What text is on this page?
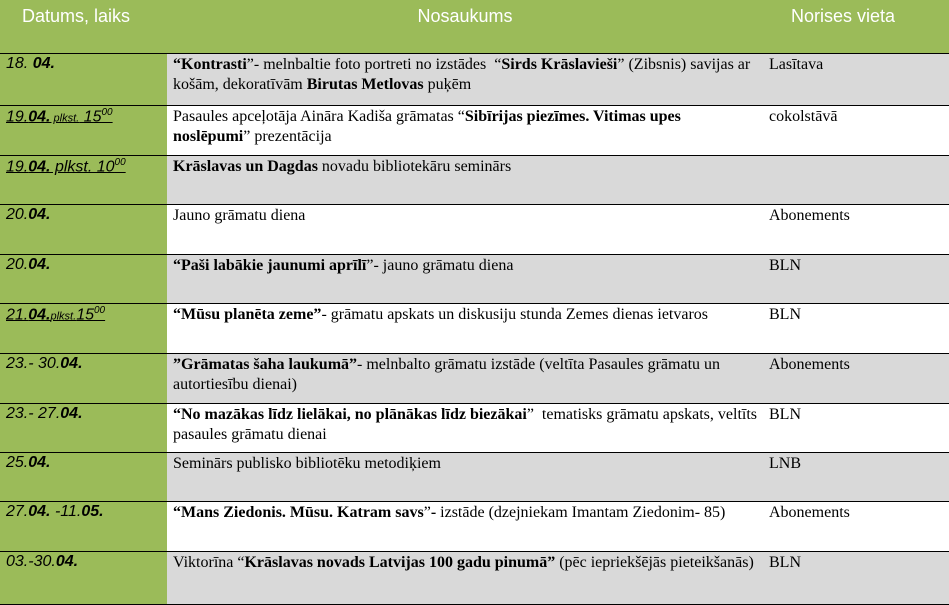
Datums, laiks	Nosaukums	Norises vieta

18. 04.	“Kontrasti”- melnbaltie foto portreti no izstādes  “Sirds Krāslavieši” (Zibsnis) savijas ar košām, dekoratīvām Birutas Metlovas puķēm	Lasītava

19.04. plkst. $15^{00}$	Pasaules apceļotāja Aināra Kadiša grāmatas “Sibīrijas piezīmes. Vitimas upes noslēpumi” prezentācija	cokolstāvā

19.04. plkst. $10^{00}$	Krāslavas un Dagdas novadu bibliotekāru seminārs	

20.04.	Jauno grāmatu diena	Abonements

20.04.	“Paši labākie jaunumi aprīlī”- jauno grāmatu diena	BLN

$21.04.plkst.15^{00}$	“Mūsu planēta zeme”- grāmatu apskats un diskusiju stunda Zemes dienas ietvaros	BLN

23.- 30.04.	”Grāmatas šaha laukumā”- melnbalto grāmatu izstāde (veltīta Pasaules grāmatu un autortiesību dienai)	Abonements

23.- 27.04.	“No mazākas līdz lielākai, no plānākas līdz biezākai”  tematisks grāmatu apskats, veltīts pasaules grāmatu dienai	BLN

25.04.	Seminārs publisko bibliotēku metodiķiem	LNB

27.04. -11.05.	“Mans Ziedonis. Mūsu. Katram savs”- izstāde (dzejniekam Imantam Ziedonim- 85)	Abonements

03.-30.04.	Viktorīna “Krāslavas novads Latvijas 100 gadu pinumā” (pēc iepriekšējās pieteikšanās)	BLN
